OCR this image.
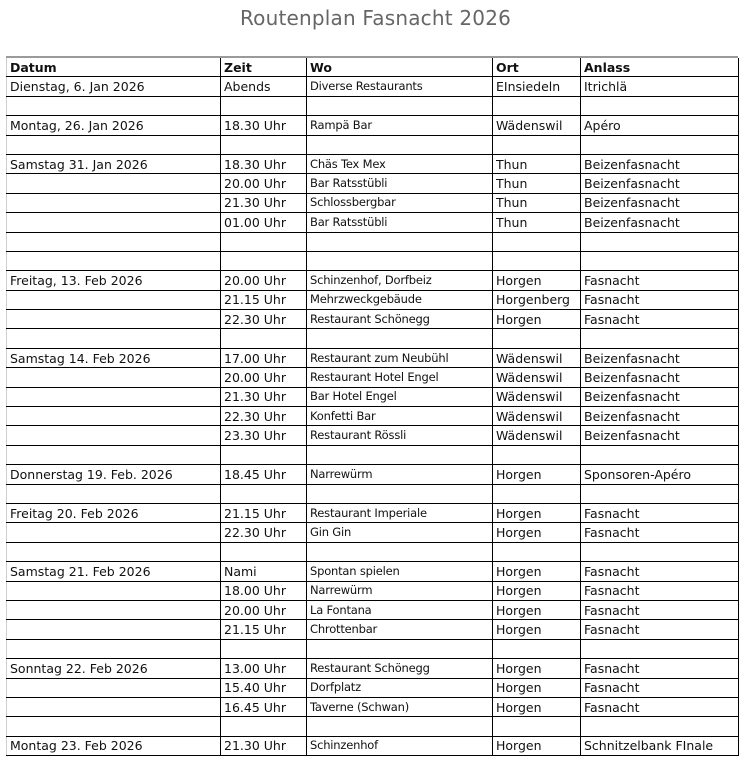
Routenplan Fasnacht 2026
Datum	Zeit	Wo	Ort	Anlass
Dienstag, 6. Jan 2026	Abends	Diverse Restaurants	EInsiedeln	Itrichlä

Montag, 26. Jan 2026	18.30 Uhr	Rampä Bar	Wädenswil	Apéro

Samstag 31. Jan 2026	18.30 Uhr	Chäs Tex Mex	Thun	Beizenfasnacht
	20.00 Uhr	Bar Ratsstübli	Thun	Beizenfasnacht
	21.30 Uhr	Schlossbergbar	Thun	Beizenfasnacht
	01.00 Uhr	Bar Ratsstübli	Thun	Beizenfasnacht

Freitag, 13. Feb 2026	20.00 Uhr	Schinzenhof, Dorfbeiz	Horgen	Fasnacht
	21.15 Uhr	Mehrzweckgebäude	Horgenberg	Fasnacht
	22.30 Uhr	Restaurant Schönegg	Horgen	Fasnacht

Samstag 14. Feb 2026	17.00 Uhr	Restaurant zum Neubühl	Wädenswil	Beizenfasnacht
	20.00 Uhr	Restaurant Hotel Engel	Wädenswil	Beizenfasnacht
	21.30 Uhr	Bar Hotel Engel	Wädenswil	Beizenfasnacht
	22.30 Uhr	Konfetti Bar	Wädenswil	Beizenfasnacht
	23.30 Uhr	Restaurant Rössli	Wädenswil	Beizenfasnacht

Donnerstag 19. Feb. 2026	18.45 Uhr	Narrewürm	Horgen	Sponsoren-Apéro

Freitag 20. Feb 2026	21.15 Uhr	Restaurant Imperiale	Horgen	Fasnacht
	22.30 Uhr	Gin Gin	Horgen	Fasnacht

Samstag 21. Feb 2026	Nami	Spontan spielen	Horgen	Fasnacht
	18.00 Uhr	Narrewürm	Horgen	Fasnacht
	20.00 Uhr	La Fontana	Horgen	Fasnacht
	21.15 Uhr	Chrottenbar	Horgen	Fasnacht

Sonntag 22. Feb 2026	13.00 Uhr	Restaurant Schönegg	Horgen	Fasnacht
	15.40 Uhr	Dorfplatz	Horgen	Fasnacht
	16.45 Uhr	Taverne (Schwan)	Horgen	Fasnacht

Montag 23. Feb 2026	21.30 Uhr	Schinzenhof	Horgen	Schnitzelbank FInale
